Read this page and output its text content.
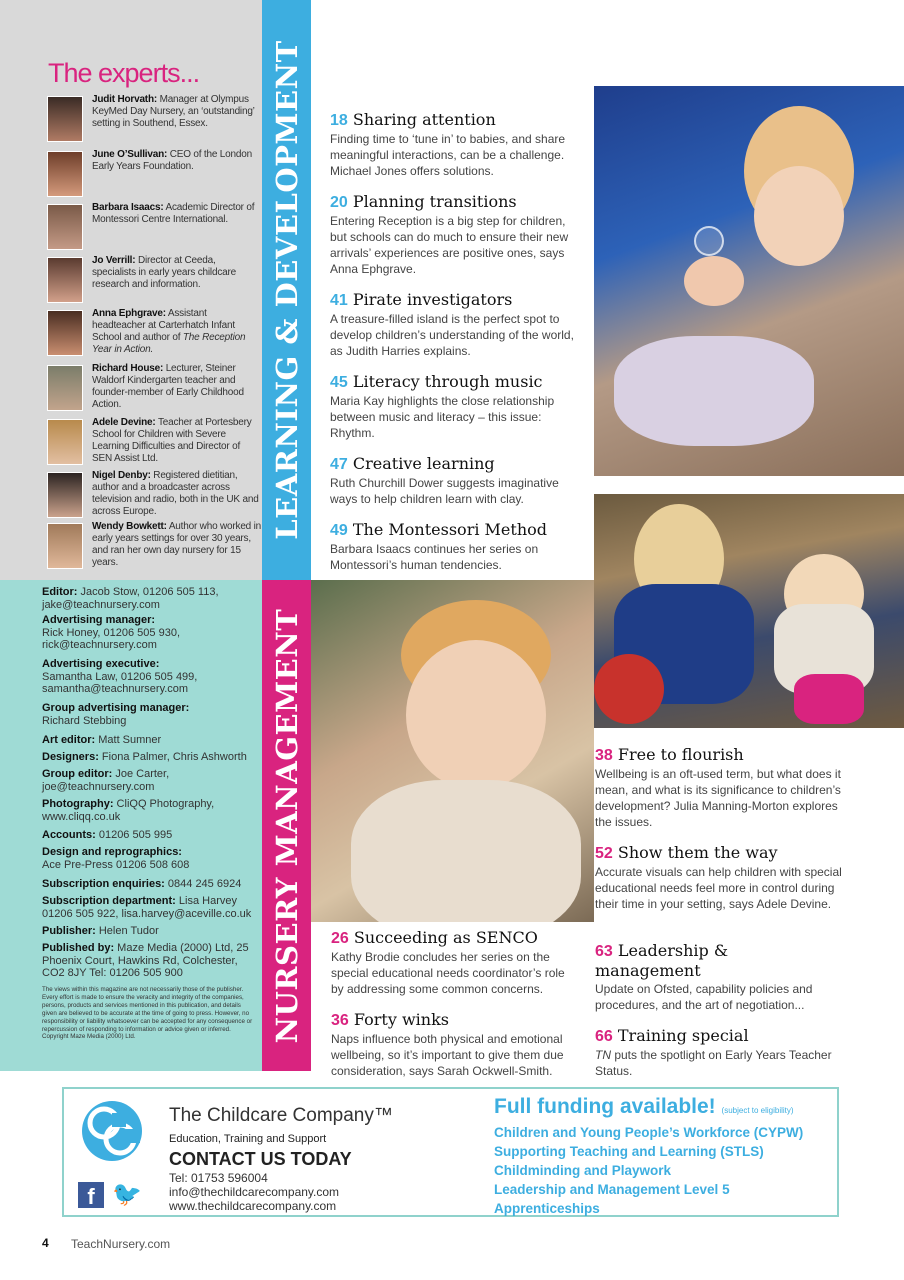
The experts...
Judit Horvath: Manager at Olympus KeyMed Day Nursery, an ‘outstanding’ setting in Southend, Essex.
June O’Sullivan: CEO of the London Early Years Foundation.
Barbara Isaacs: Academic Director of Montessori Centre International.
Jo Verrill: Director at Ceeda, specialists in early years childcare research and information.
Anna Ephgrave: Assistant headteacher at Carterhatch Infant School and author of The Reception Year in Action.
Richard House: Lecturer, Steiner Waldorf Kindergarten teacher and founder-member of Early Childhood Action.
Adele Devine: Teacher at Portesbery School for Children with Severe Learning Difficulties and Director of SEN Assist Ltd.
Nigel Denby: Registered dietitian, author and a broadcaster across television and radio, both in the UK and across Europe.
Wendy Bowkett: Author who worked in early years settings for over 30 years, and ran her own day nursery for 15 years.
Editor: Jacob Stow, 01206 505 113, jake@teachnursery.com
Advertising manager:
Rick Honey, 01206 505 930, rick@teachnursery.com
Advertising executive:
Samantha Law, 01206 505 499, samantha@teachnursery.com
Group advertising manager:
Richard Stebbing
Art editor: Matt Sumner
Designers: Fiona Palmer, Chris Ashworth
Group editor: Joe Carter, joe@teachnursery.com
Photography: CliQQ Photography, www.cliqq.co.uk
Accounts: 01206 505 995
Design and reprographics:
Ace Pre-Press 01206 508 608
Subscription enquiries: 0844 245 6924
Subscription department: Lisa Harvey 01206 505 922, lisa.harvey@aceville.co.uk
Publisher: Helen Tudor
Published by: Maze Media (2000) Ltd, 25 Phoenix Court, Hawkins Rd, Colchester, CO2 8JY Tel: 01206 505 900
The views within this magazine are not necessarily those of the publisher. Every effort is made to ensure the veracity and integrity of the companies, persons, products and services mentioned in this publication, and details given are believed to be accurate at the time of going to press. However, no responsibility or liability whatsoever can be accepted for any consequence or repercussion of responding to information or advice given or inferred. Copyright Maze Media (2000) Ltd.
LEARNING & DEVELOPMENT
NURSERY MANAGEMENT
18 Sharing attention

Finding time to ‘tune in’ to babies, and share meaningful interactions, can be a challenge. Michael Jones offers solutions.

20 Planning transitions

Entering Reception is a big step for children, but schools can do much to ensure their new arrivals’ experiences are positive ones, says Anna Ephgrave.

41 Pirate investigators

A treasure-filled island is the perfect spot to develop children’s understanding of the world, as Judith Harries explains.

45 Literacy through music

Maria Kay highlights the close relationship between music and literacy – this issue: Rhythm.

47 Creative learning

Ruth Churchill Dower suggests imaginative ways to help children learn with clay.

49 The Montessori Method

Barbara Isaacs continues her series on Montessori’s human tendencies.

26 Succeeding as SENCO

Kathy Brodie concludes her series on the special educational needs coordinator’s role by addressing some common concerns.

36 Forty winks

Naps influence both physical and emotional wellbeing, so it’s important to give them due consideration, says Sarah Ockwell-Smith.

38 Free to flourish

Wellbeing is an oft-used term, but what does it mean, and what is its significance to children’s development? Julia Manning-Morton explores the issues.

52 Show them the way

Accurate visuals can help children with special educational needs feel more in control during their time in your setting, says Adele Devine.

63 Leadership & management

Update on Ofsted, capability policies and procedures, and the art of negotiation...

66 Training special

TN puts the spotlight on Early Years Teacher Status.

The Childcare Company™
Education, Training and Support
CONTACT US TODAY
Tel: 01753 596004
info@thechildcarecompany.com
www.thechildcarecompany.com
f 🐦
Full funding available! (subject to eligibility)
Children and Young People’s Workforce (CYPW)
Supporting Teaching and Learning (STLS)
Childminding and Playwork
Leadership and Management Level 5
Apprenticeships
4 TeachNursery.com
